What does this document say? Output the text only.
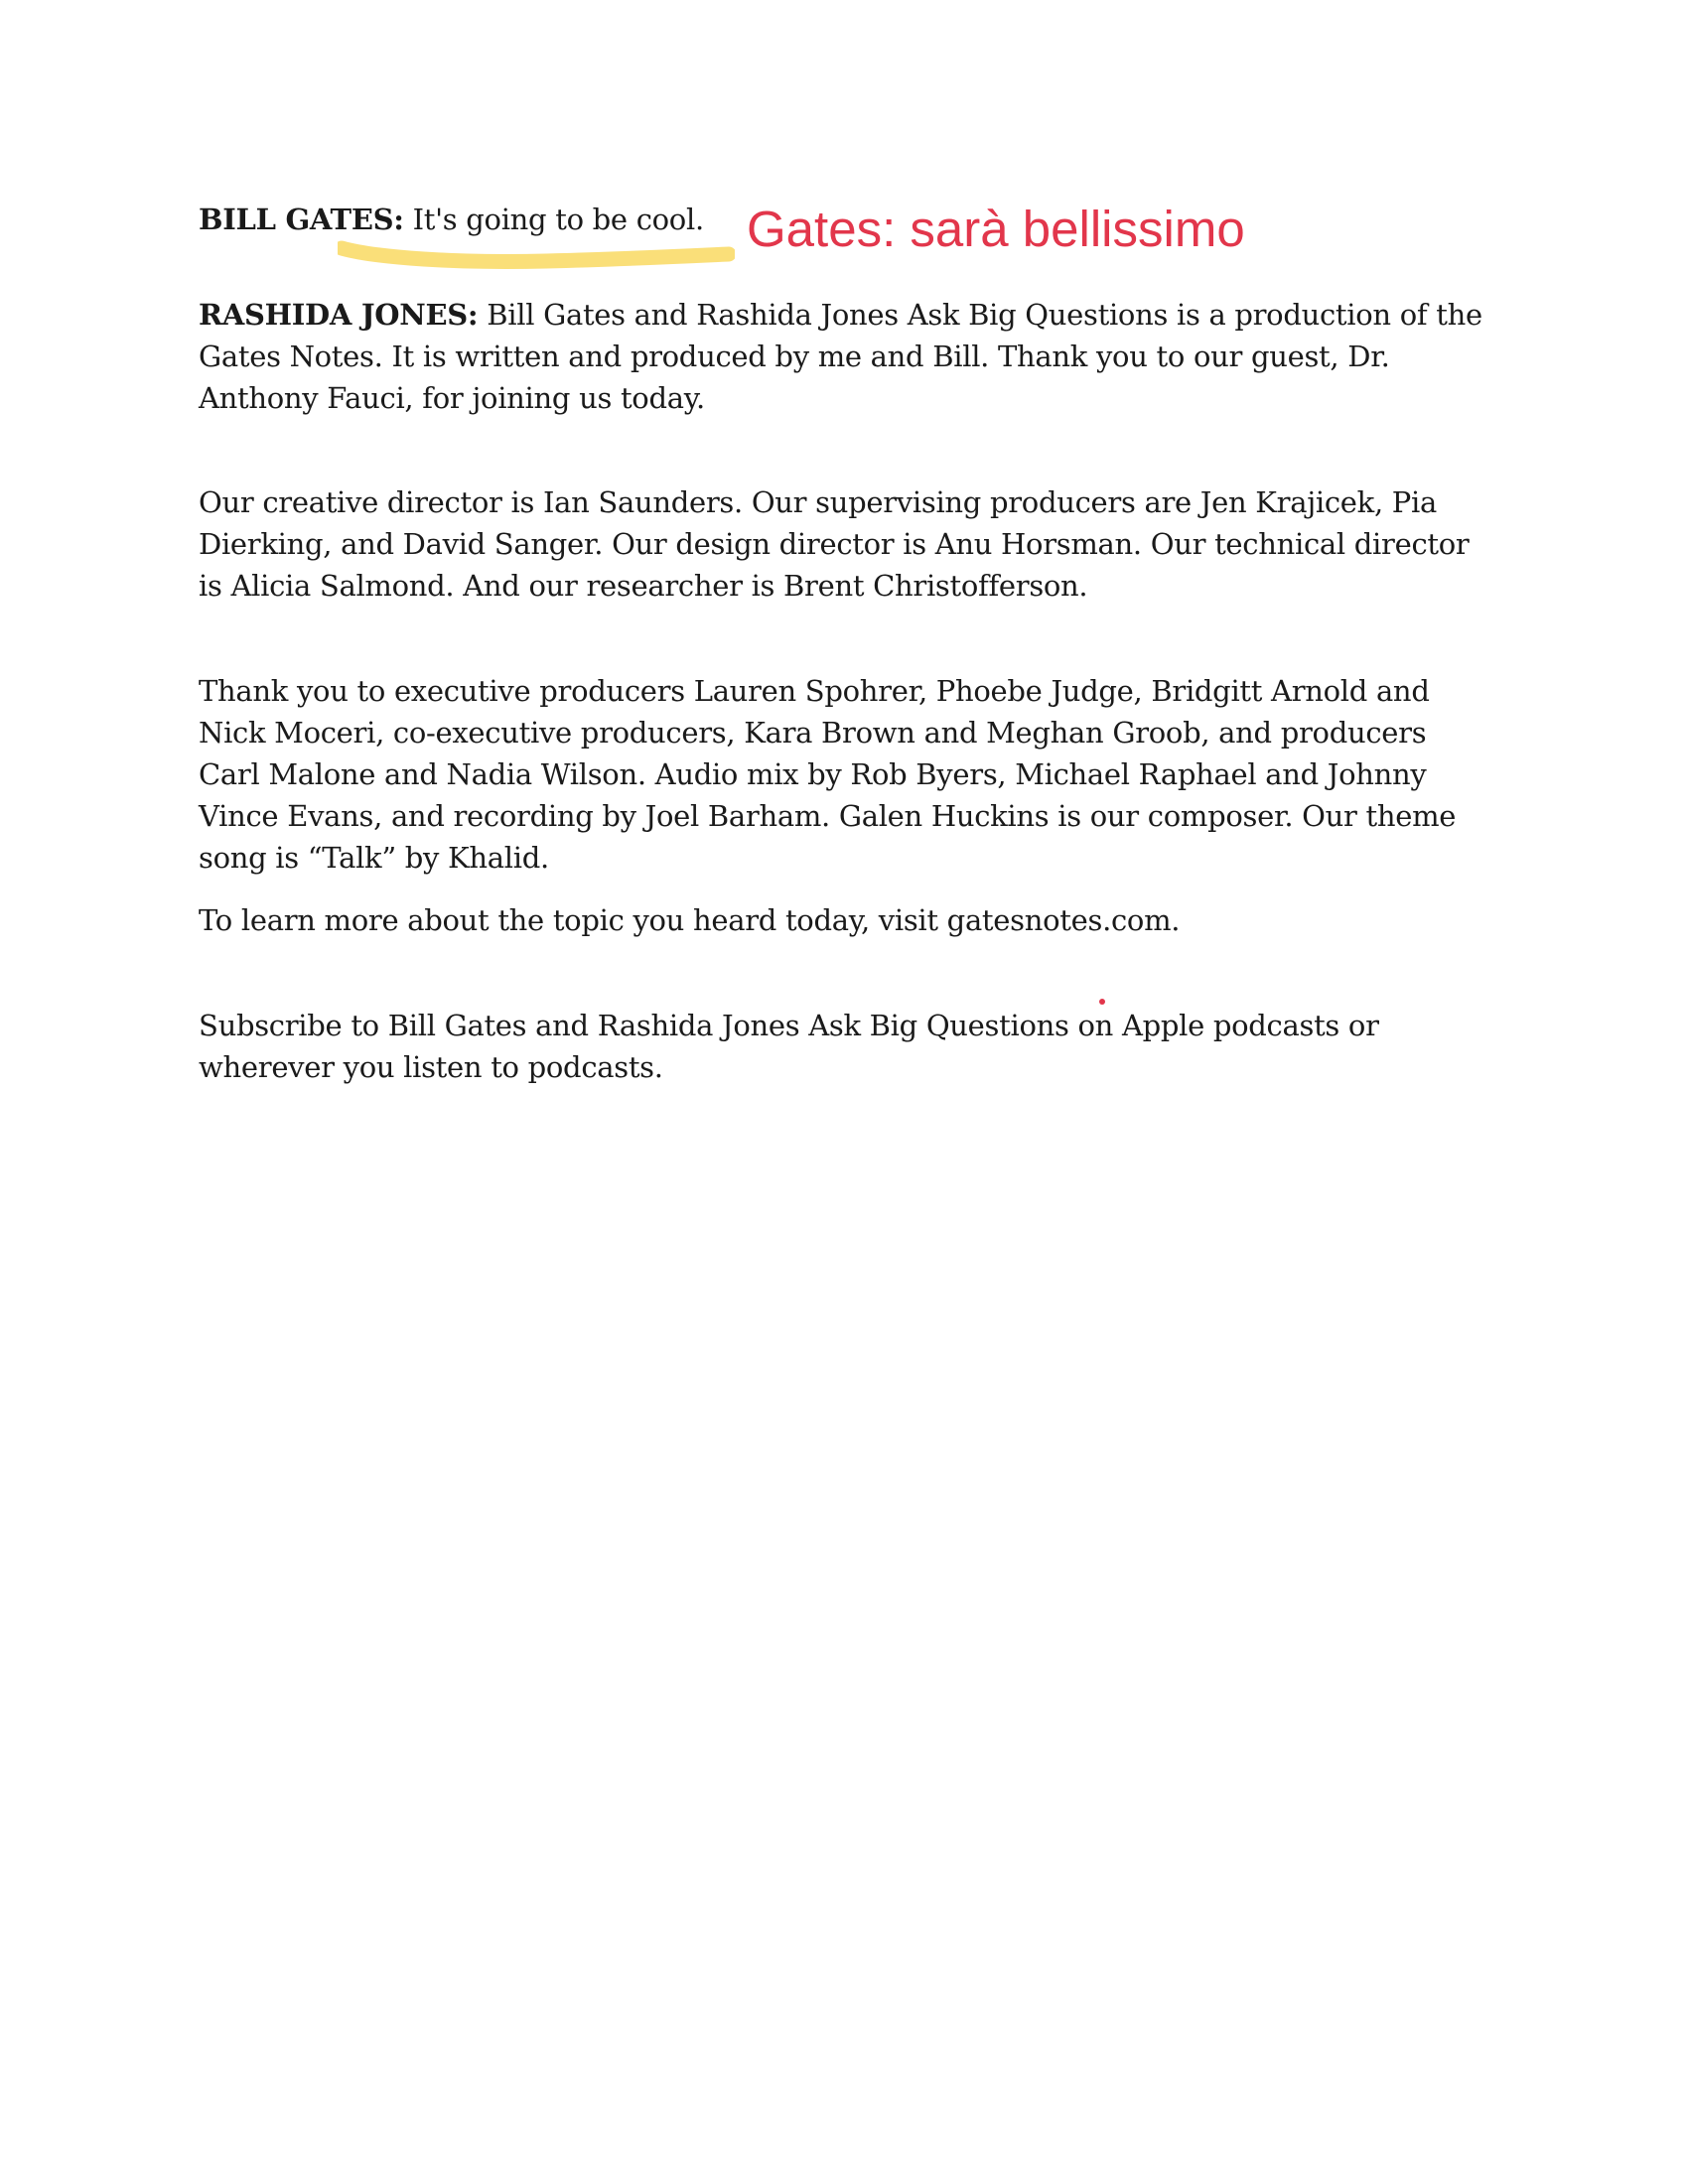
BILL GATES: It's going to be cool. Gates: sarà bellissimo

RASHIDA JONES: Bill Gates and Rashida Jones Ask Big Questions is a production of the Gates Notes. It is written and produced by me and Bill. Thank you to our guest, Dr. Anthony Fauci, for joining us today.

Our creative director is Ian Saunders. Our supervising producers are Jen Krajicek, Pia Dierking, and David Sanger. Our design director is Anu Horsman. Our technical director is Alicia Salmond. And our researcher is Brent Christofferson.

Thank you to executive producers Lauren Spohrer, Phoebe Judge, Bridgitt Arnold and Nick Moceri, co-executive producers, Kara Brown and Meghan Groob, and producers Carl Malone and Nadia Wilson. Audio mix by Rob Byers, Michael Raphael and Johnny Vince Evans, and recording by Joel Barham. Galen Huckins is our composer. Our theme song is “Talk” by Khalid.

To learn more about the topic you heard today, visit gatesnotes.com.

Subscribe to Bill Gates and Rashida Jones Ask Big Questions on Apple podcasts or wherever you listen to podcasts.
